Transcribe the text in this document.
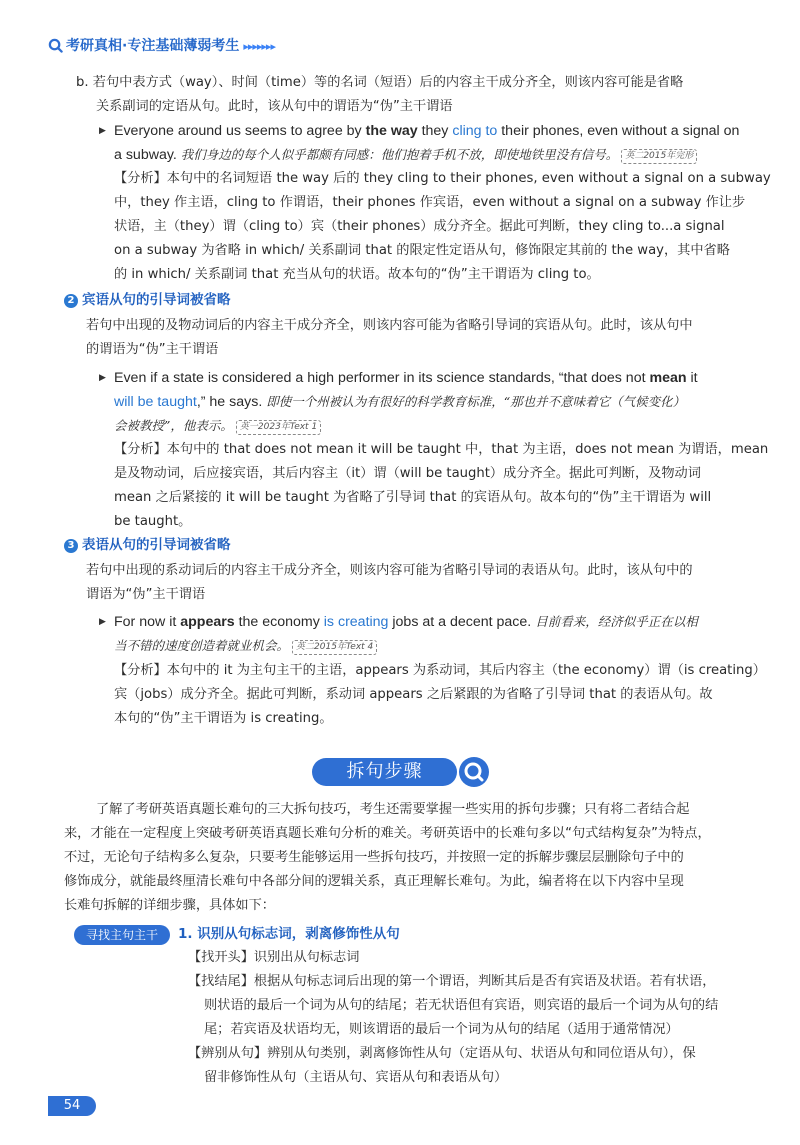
考研真相·专注基础薄弱考生 ▸▸▸▸▸▸▸

b. 若句中表方式（way）、时间（time）等的名词（短语）后的内容主干成分齐全，则该内容可能是省略

关系副词的定语从句。此时，该从句中的谓语为“伪”主干谓语

▶ Everyone around us seems to agree by the way they cling to their phones, even without a signal on

a subway. 我们身边的每个人似乎都颇有同感：他们抱着手机不放，即使地铁里没有信号。 英二2015年完形

【分析】本句中的名词短语 the way 后的 they cling to their phones, even without a signal on a subway

中，they 作主语，cling to 作谓语，their phones 作宾语，even without a signal on a subway 作让步

状语，主（they）谓（cling to）宾（their phones）成分齐全。据此可判断，they cling to...a signal

on a subway 为省略 in which/ 关系副词 that 的限定性定语从句，修饰限定其前的 the way，其中省略

的 in which/ 关系副词 that 充当从句的状语。故本句的“伪”主干谓语为 cling to。

2 宾语从句的引导词被省略

若句中出现的及物动词后的内容主干成分齐全，则该内容可能为省略引导词的宾语从句。此时，该从句中

的谓语为“伪”主干谓语

▶ Even if a state is considered a high performer in its science standards, “that does not mean it

will be taught,” he says. 即使一个州被认为有很好的科学教育标准，“那也并不意味着它（气候变化）

会被教授”，他表示。 英一2023年Text 1

【分析】本句中的 that does not mean it will be taught 中，that 为主语，does not mean 为谓语，mean

是及物动词，后应接宾语，其后内容主（it）谓（will be taught）成分齐全。据此可判断，及物动词

mean 之后紧接的 it will be taught 为省略了引导词 that 的宾语从句。故本句的“伪”主干谓语为 will

be taught。

3 表语从句的引导词被省略

若句中出现的系动词后的内容主干成分齐全，则该内容可能为省略引导词的表语从句。此时，该从句中的

谓语为“伪”主干谓语

▶ For now it appears the economy is creating jobs at a decent pace. 目前看来，经济似乎正在以相

当不错的速度创造着就业机会。 英二2015年Text 4

【分析】本句中的 it 为主句主干的主语，appears 为系动词，其后内容主（the economy）谓（is creating）

宾（jobs）成分齐全。据此可判断，系动词 appears 之后紧跟的为省略了引导词 that 的表语从句。故

本句的“伪”主干谓语为 is creating。

拆句步骤

了解了考研英语真题长难句的三大拆句技巧，考生还需要掌握一些实用的拆句步骤；只有将二者结合起

来，才能在一定程度上突破考研英语真题长难句分析的难关。考研英语中的长难句多以“句式结构复杂”为特点，

不过，无论句子结构多么复杂，只要考生能够运用一些拆句技巧，并按照一定的拆解步骤层层删除句子中的

修饰成分，就能最终厘清长难句中各部分间的逻辑关系，真正理解长难句。为此，编者将在以下内容中呈现

长难句拆解的详细步骤，具体如下：

寻找主句主干	1. 识别从句标志词，剥离修饰性从句

【找开头】识别出从句标志词

【找结尾】根据从句标志词后出现的第一个谓语，判断其后是否有宾语及状语。若有状语，

则状语的最后一个词为从句的结尾；若无状语但有宾语，则宾语的最后一个词为从句的结

尾；若宾语及状语均无，则该谓语的最后一个词为从句的结尾（适用于通常情况）

【辨别从句】辨别从句类别，剥离修饰性从句（定语从句、状语从句和同位语从句），保

留非修饰性从句（主语从句、宾语从句和表语从句）

54
